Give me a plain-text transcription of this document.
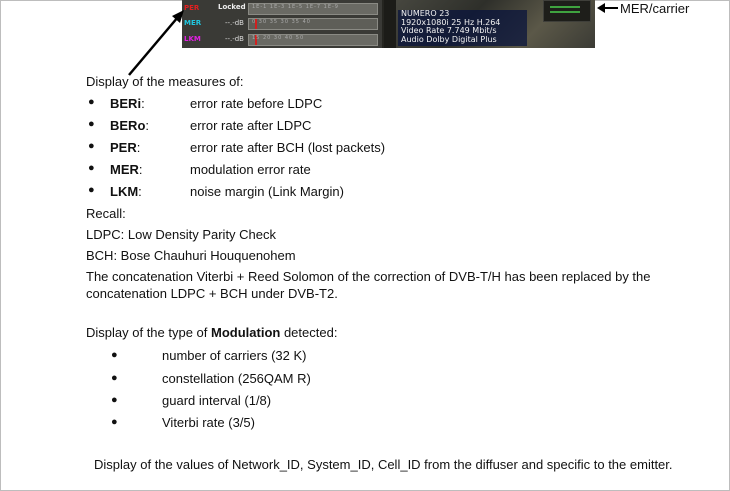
PER	Locked 1E-1 1E-3 1E-5 1E-7 1E-9
MER	--.-dB 0 30 35 30 35 40
LKM	--.-dB 15 20 30 40 50
NUMERO 23
1920x1080i 25 Hz H.264
Video Rate 7.749 Mbit/s
Audio Dolby Digital Plus
MER/carrier
Display of the measures of:
● BERi:	error rate before LDPC
● BERo:	error rate after LDPC
● PER:	error rate after BCH (lost packets)
● MER:	modulation error rate
● LKM:	noise margin (Link Margin)
Recall:
LDPC: Low Density Parity Check
BCH: Bose Chauhuri Houquenohem
The concatenation Viterbi + Reed Solomon of the correction of DVB-T/H has been replaced by the
concatenation LDPC + BCH under DVB-T2.
Display of the type of Modulation detected:
●	number of carriers (32 K)
●	constellation (256QAM R)
●	guard interval (1/8)
●	Viterbi rate (3/5)
Display of the values of Network_ID, System_ID, Cell_ID from the diffuser and specific to the emitter.
